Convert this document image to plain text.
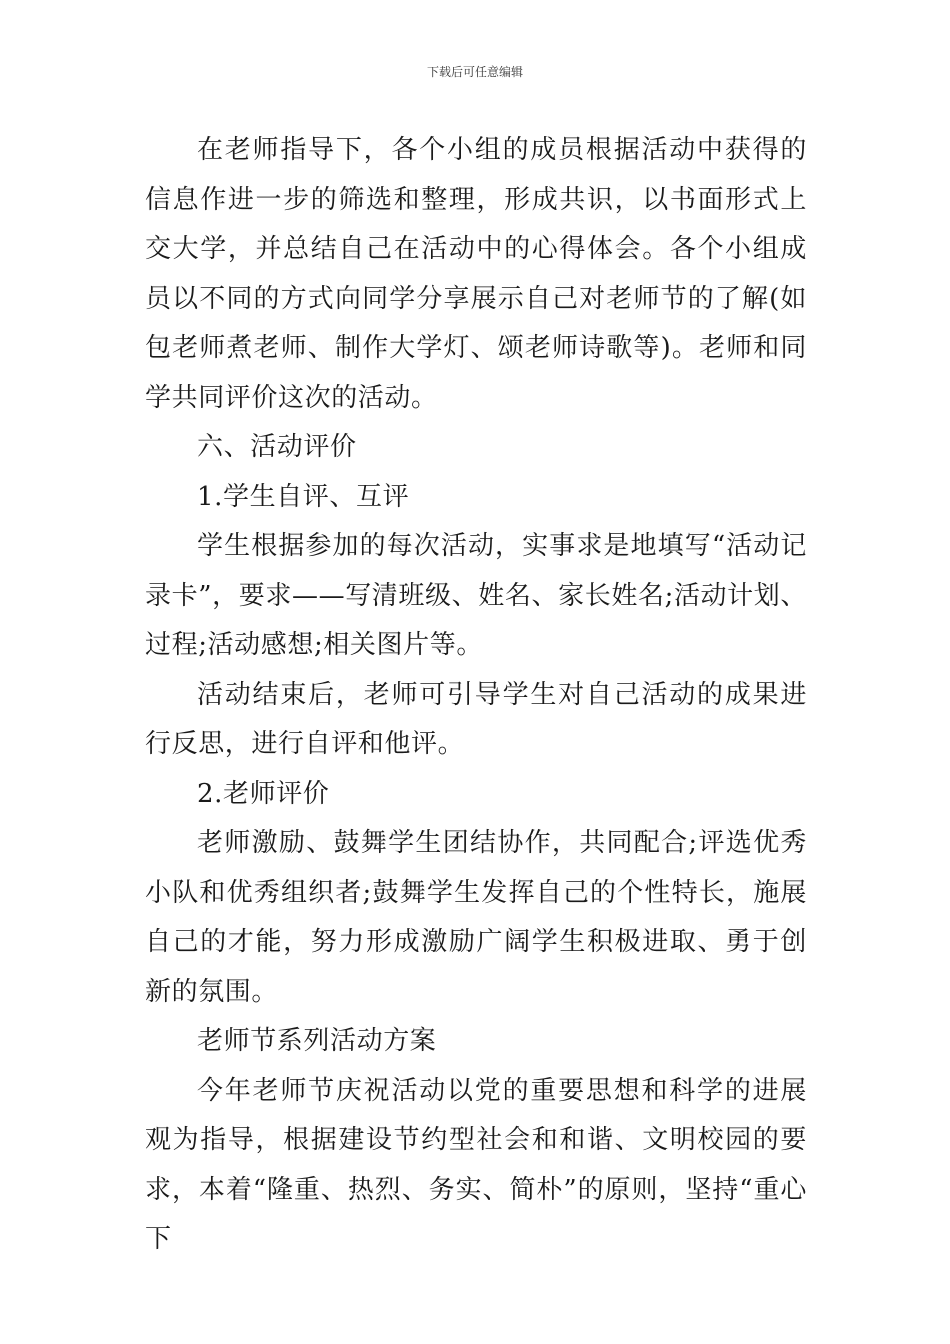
下载后可任意编辑

在老师指导下，各个小组的成员根据活动中获得的信息作进一步的筛选和整理，形成共识，以书面形式上交大学，并总结自己在活动中的心得体会。各个小组成员以不同的方式向同学分享展示自己对老师节的了解(如包老师煮老师、制作大学灯、颂老师诗歌等)。老师和同学共同评价这次的活动。

六、活动评价

1.学生自评、互评

学生根据参加的每次活动，实事求是地填写“活动记录卡”，要求——写清班级、姓名、家长姓名;活动计划、过程;活动感想;相关图片等。

活动结束后，老师可引导学生对自己活动的成果进行反思，进行自评和他评。

2.老师评价

老师激励、鼓舞学生团结协作，共同配合;评选优秀小队和优秀组织者;鼓舞学生发挥自己的个性特长，施展自己的才能，努力形成激励广阔学生积极进取、勇于创新的氛围。

老师节系列活动方案

今年老师节庆祝活动以党的重要思想和科学的进展观为指导，根据建设节约型社会和和谐、文明校园的要求，本着“隆重、热烈、务实、简朴”的原则，坚持“重心下
